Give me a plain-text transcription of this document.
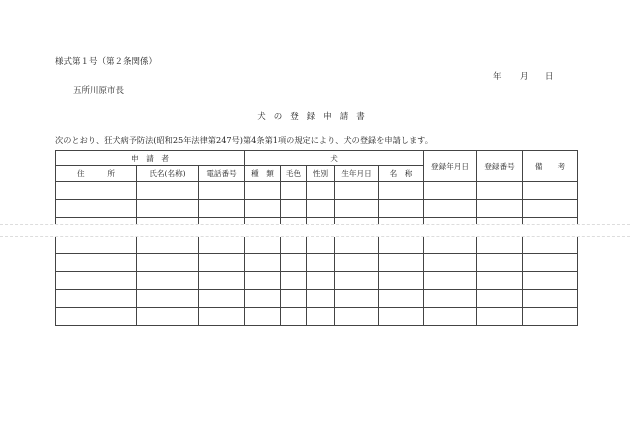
様式第１号（第２条関係）
年	月	日
五所川原市長
犬の登録申請書
次のとおり、狂犬病予防法(昭和25年法律第247号)第4条第1項の規定により、犬の登録を申請します。
申　請　者			犬					登録年月日	登録番号	備　　考
住　　　所	氏名(名称)	電話番号	種　類	毛色	性別	生年月日	名　称			
